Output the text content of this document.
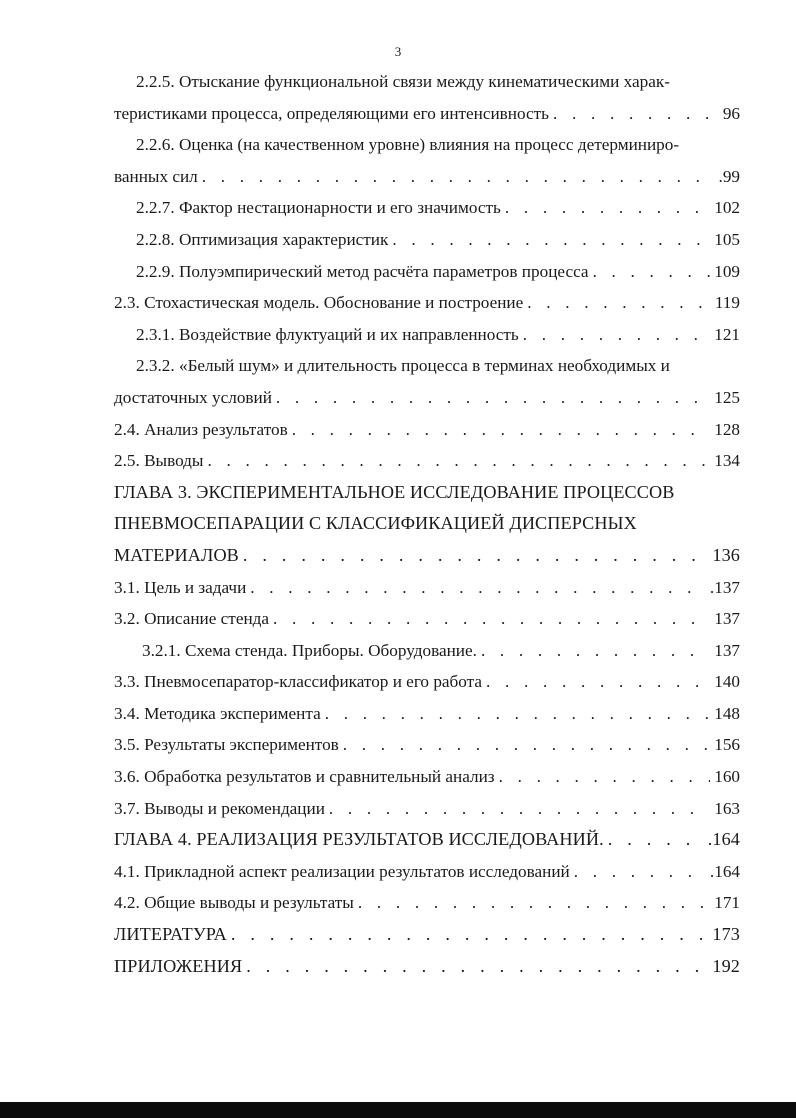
3
2.2.5. Отыскание функциональной связи между кинематическими харак-
теристиками процесса, определяющими его интенсивность . . .	96
2.2.6. Оценка (на качественном уровне) влияния на процесс детерминиро-
ванных сил . . .	.99
2.2.7. Фактор нестационарности и его значимость . . .	102
2.2.8. Оптимизация характеристик . . .	105
2.2.9. Полуэмпирический метод расчёта параметров процесса . . .	109
2.3. Стохастическая модель. Обоснование и построение . . .	119
2.3.1. Воздействие флуктуаций и их направленность . . .	121
2.3.2. «Белый шум» и длительность процесса в терминах необходимых и
достаточных условий . . .	125
2.4. Анализ результатов . . .	128
2.5. Выводы . . .	134
ГЛАВА 3. ЭКСПЕРИМЕНТАЛЬНОЕ ИССЛЕДОВАНИЕ ПРОЦЕССОВ
ПНЕВМОСЕПАРАЦИИ С КЛАССИФИКАЦИЕЙ ДИСПЕРСНЫХ
МАТЕРИАЛОВ . . .	136
3.1. Цель и задачи . . .	.137
3.2. Описание стенда . . .	137
3.2.1. Схема стенда. Приборы. Оборудование. . . .	137
3.3. Пневмосепаратор-классификатор и его работа . . .	140
3.4. Методика эксперимента . . .	148
3.5. Результаты экспериментов . . .	156
3.6. Обработка результатов и сравнительный анализ . . .	160
3.7. Выводы и рекомендации . . .	163
ГЛАВА 4. РЕАЛИЗАЦИЯ РЕЗУЛЬТАТОВ ИССЛЕДОВАНИЙ. . . .	.164
4.1. Прикладной аспект реализации результатов исследований . . .	.164
4.2. Общие выводы и результаты . . .	171
ЛИТЕРАТУРА . . .	173
ПРИЛОЖЕНИЯ . . .	192
